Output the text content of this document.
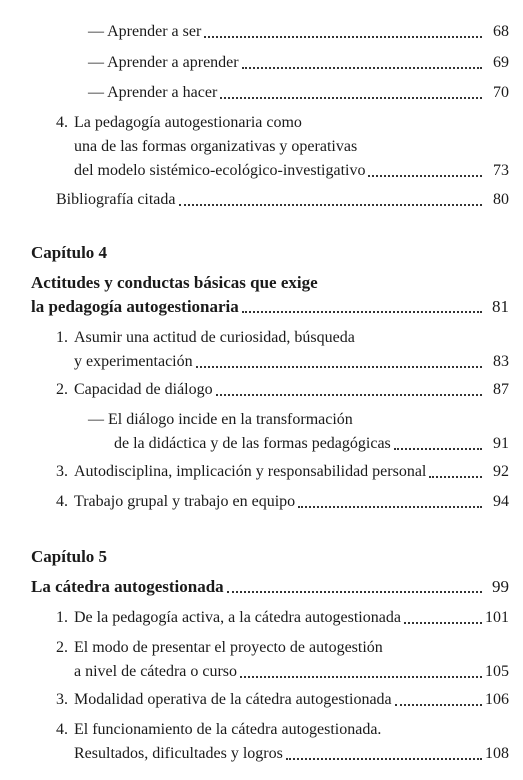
— Aprender a ser	68
— Aprender a aprender	69
— Aprender a hacer	70
4. La pedagogía autogestionaria como
una de las formas organizativas y operativas
del modelo sistémico-ecológico-investigativo	73
Bibliografía citada	80
Capítulo 4
Actitudes y conductas básicas que exige
la pedagogía autogestionaria	81
1. Asumir una actitud de curiosidad, búsqueda
y experimentación	83
2. Capacidad de diálogo	87
— El diálogo incide en la transformación
de la didáctica y de las formas pedagógicas	91
3. Autodisciplina, implicación y responsabilidad personal	92
4. Trabajo grupal y trabajo en equipo	94
Capítulo 5
La cátedra autogestionada	99
1. De la pedagogía activa, a la cátedra autogestionada	101
2. El modo de presentar el proyecto de autogestión
a nivel de cátedra o curso	105
3. Modalidad operativa de la cátedra autogestionada	106
4. El funcionamiento de la cátedra autogestionada.
Resultados, dificultades y logros	108
